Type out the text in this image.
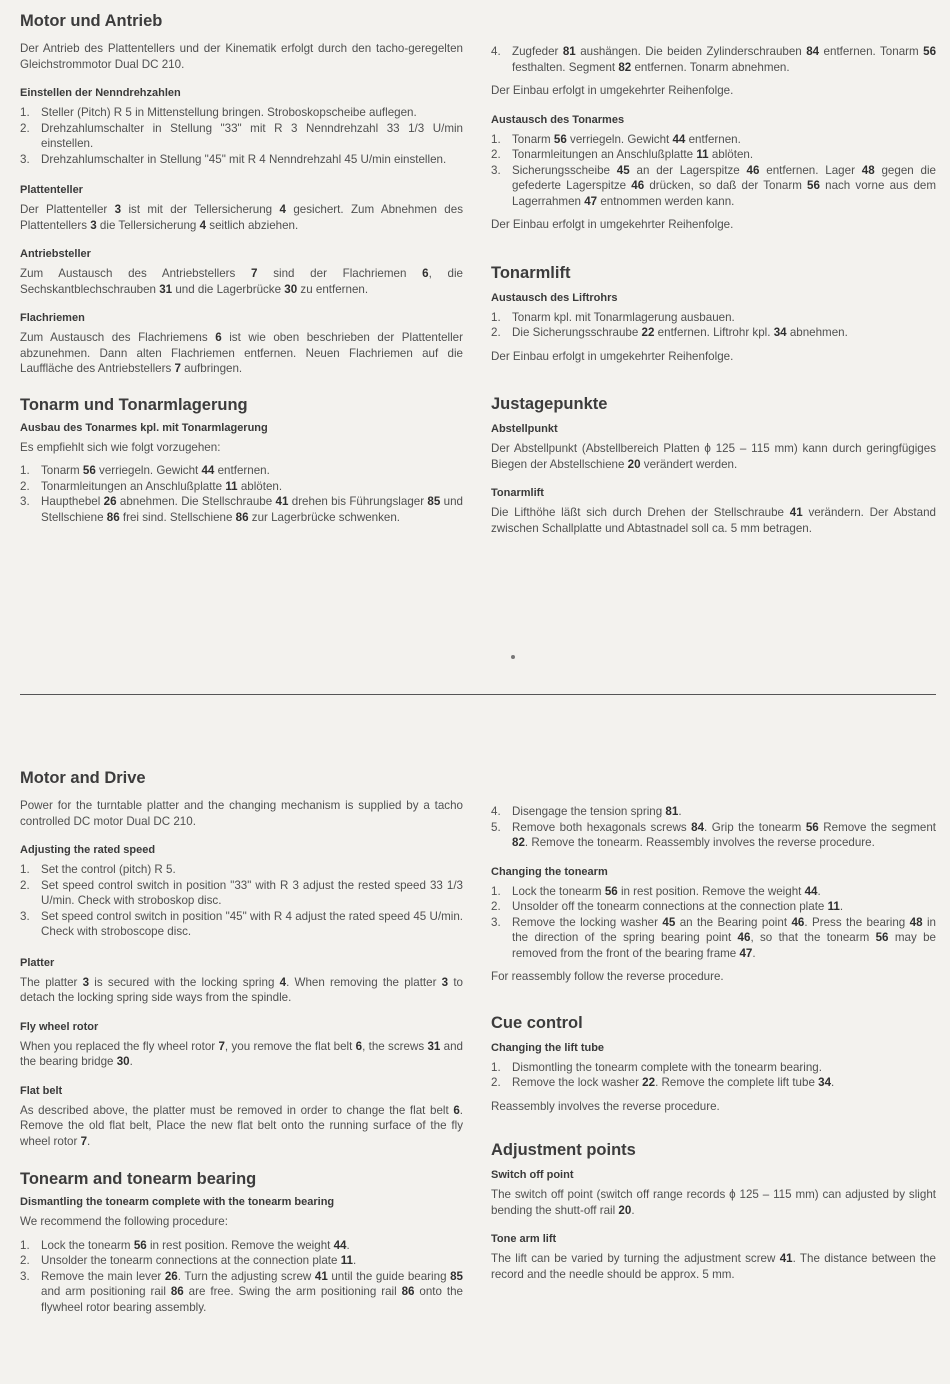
Motor und Antrieb
Der Antrieb des Plattentellers und der Kinematik erfolgt durch den tacho-geregelten Gleichstrommotor Dual DC 210.
Einstellen der Nenndrehzahlen
1. Steller (Pitch) R 5 in Mittenstellung bringen. Stroboskopscheibe auflegen.
2. Drehzahlumschalter in Stellung "33" mit R 3 Nenndrehzahl 33 1/3 U/min einstellen.
3. Drehzahlumschalter in Stellung "45" mit R 4 Nenndrehzahl 45 U/min einstellen.
Plattenteller
Der Plattenteller 3 ist mit der Tellersicherung 4 gesichert. Zum Abnehmen des Plattentellers 3 die Tellersicherung 4 seitlich abziehen.
Antriebsteller
Zum Austausch des Antriebstellers 7 sind der Flachriemen 6, die Sechskantblechschrauben 31 und die Lagerbrücke 30 zu entfernen.
Flachriemen
Zum Austausch des Flachriemens 6 ist wie oben beschrieben der Plattenteller abzunehmen. Dann alten Flachriemen entfernen. Neuen Flachriemen auf die Lauffläche des Antriebstellers 7 aufbringen.
Tonarm und Tonarmlagerung
Ausbau des Tonarmes kpl. mit Tonarmlagerung
Es empfiehlt sich wie folgt vorzugehen:
1. Tonarm 56 verriegeln. Gewicht 44 entfernen.
2. Tonarmleitungen an Anschlußplatte 11 ablöten.
3. Haupthebel 26 abnehmen. Die Stellschraube 41 drehen bis Führungslager 85 und Stellschiene 86 frei sind. Stellschiene 86 zur Lagerbrücke schwenken.
4. Zugfeder 81 aushängen. Die beiden Zylinderschrauben 84 entfernen. Tonarm 56 festhalten. Segment 82 entfernen. Tonarm abnehmen.
Der Einbau erfolgt in umgekehrter Reihenfolge.
Austausch des Tonarmes
1. Tonarm 56 verriegeln. Gewicht 44 entfernen.
2. Tonarmleitungen an Anschlußplatte 11 ablöten.
3. Sicherungsscheibe 45 an der Lagerspitze 46 entfernen. Lager 48 gegen die gefederte Lagerspitze 46 drücken, so daß der Tonarm 56 nach vorne aus dem Lagerrahmen 47 entnommen werden kann.
Der Einbau erfolgt in umgekehrter Reihenfolge.
Tonarmlift
Austausch des Liftrohrs
1. Tonarm kpl. mit Tonarmlagerung ausbauen.
2. Die Sicherungsschraube 22 entfernen. Liftrohr kpl. 34 abnehmen.
Der Einbau erfolgt in umgekehrter Reihenfolge.
Justagepunkte
Abstellpunkt
Der Abstellpunkt (Abstellbereich Platten ϕ 125 – 115 mm) kann durch geringfügiges Biegen der Abstellschiene 20 verändert werden.
Tonarmlift
Die Lifthöhe läßt sich durch Drehen der Stellschraube 41 verändern. Der Abstand zwischen Schallplatte und Abtastnadel soll ca. 5 mm betragen.
Motor and Drive
Power for the turntable platter and the changing mechanism is supplied by a tacho controlled DC motor Dual DC 210.
Adjusting the rated speed
1. Set the control (pitch) R 5.
2. Set speed control switch in position "33" with R 3 adjust the rested speed 33 1/3 U/min. Check with stroboskop disc.
3. Set speed control switch in position "45" with R 4 adjust the rated speed 45 U/min. Check with stroboscope disc.
Platter
The platter 3 is secured with the locking spring 4. When removing the platter 3 to detach the locking spring side ways from the spindle.
Fly wheel rotor
When you replaced the fly wheel rotor 7, you remove the flat belt 6, the screws 31 and the bearing bridge 30.
Flat belt
As described above, the platter must be removed in order to change the flat belt 6. Remove the old flat belt, Place the new flat belt onto the running surface of the fly wheel rotor 7.
Tonearm and tonearm bearing
Dismantling the tonearm complete with the tonearm bearing
We recommend the following procedure:
1. Lock the tonearm 56 in rest position. Remove the weight 44.
2. Unsolder the tonearm connections at the connection plate 11.
3. Remove the main lever 26. Turn the adjusting screw 41 until the guide bearing 85 and arm positioning rail 86 are free. Swing the arm positioning rail 86 onto the flywheel rotor bearing assembly.
4. Disengage the tension spring 81.
5. Remove both hexagonals screws 84. Grip the tonearm 56 Remove the segment 82. Remove the tonearm. Reassembly involves the reverse procedure.
Changing the tonearm
1. Lock the tonearm 56 in rest position. Remove the weight 44.
2. Unsolder off the tonearm connections at the connection plate 11.
3. Remove the locking washer 45 an the Bearing point 46. Press the bearing 48 in the direction of the spring bearing point 46, so that the tonearm 56 may be removed from the front of the bearing frame 47.
For reassembly follow the reverse procedure.
Cue control
Changing the lift tube
1. Dismontling the tonearm complete with the tonearm bearing.
2. Remove the lock washer 22. Remove the complete lift tube 34.
Reassembly involves the reverse procedure.
Adjustment points
Switch off point
The switch off point (switch off range records ϕ 125 – 115 mm) can adjusted by slight bending the shutt-off rail 20.
Tone arm lift
The lift can be varied by turning the adjustment screw 41. The distance between the record and the needle should be approx. 5 mm.
